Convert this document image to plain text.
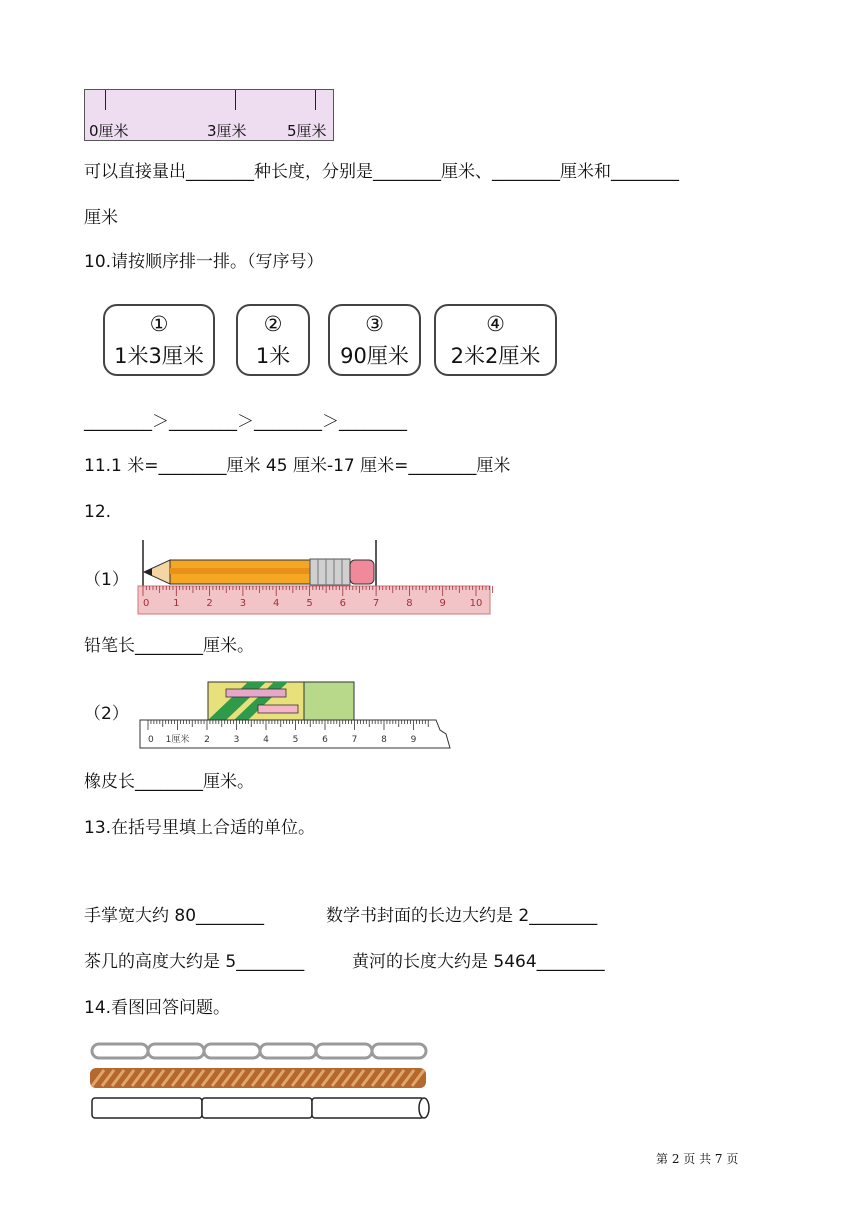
0厘米	3厘米	5厘米
可以直接量出________种长度，分别是________厘米、________厘米和________
厘米
10.请按顺序排一排。（写序号）
①
1米3厘米
②
1米
③
90厘米
④
2米2厘米
________＞________＞________＞________
11.1 米=________厘米 45 厘米-17 厘米=________厘米
12.
（1）
0 1	2	3	4	5	6	7	8	9 10
铅笔长________厘米。
（2）
0 1厘米 2	3	4	5	6	7	8	9
橡皮长________厘米。
13.在括号里填上合适的单位。
手掌宽大约 80________	数学书封面的长边大约是 2________
茶几的高度大约是 5________	黄河的长度大约是 5464________
14.看图回答问题。
第 2 页 共 7 页
